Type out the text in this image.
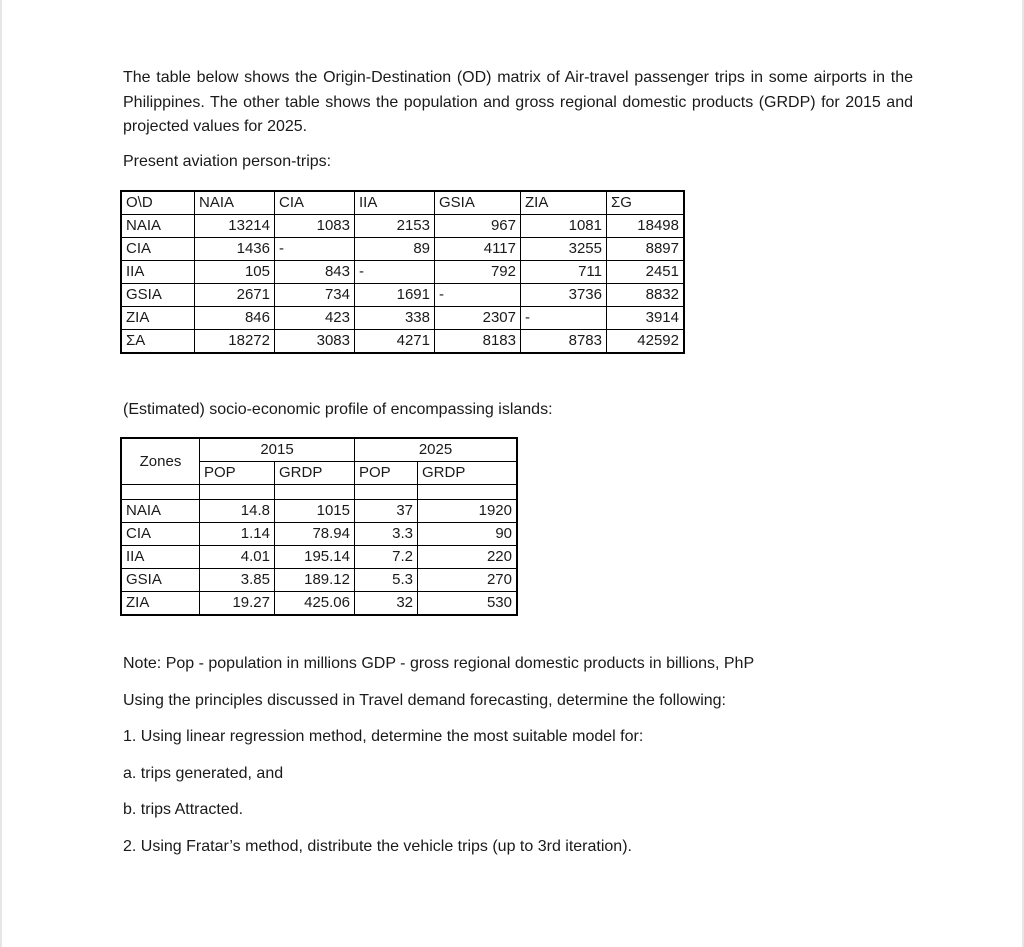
The table below shows the Origin-Destination (OD) matrix of Air-travel passenger trips in some airports in the Philippines. The other table shows the population and gross regional domestic products (GRDP) for 2015 and projected values for 2025.

Present aviation person-trips:
O\D	NAIA	CIA	IIA	GSIA	ZIA	ΣG
NAIA	13214	1083	2153	967	1081	18498
CIA	1436	-	89	4117	3255	8897
IIA	105	843	-	792	711	2451
GSIA	2671	734	1691	-	3736	8832
ZIA	846	423	338	2307	-	3914
ΣA	18272	3083	4271	8183	8783	42592
(Estimated) socio-economic profile of encompassing islands:
Zones	2015		2025	
	POP	GRDP	POP	GRDP

NAIA	14.8	1015	37	1920
CIA	1.14	78.94	3.3	90
IIA	4.01	195.14	7.2	220
GSIA	3.85	189.12	5.3	270
ZIA	19.27	425.06	32	530

Note: Pop - population in millions GDP - gross regional domestic products in billions, PhP

Using the principles discussed in Travel demand forecasting, determine the following:

1. Using linear regression method, determine the most suitable model for:

a. trips generated, and

b. trips Attracted.

2. Using Fratar’s method, distribute the vehicle trips (up to 3rd iteration).
